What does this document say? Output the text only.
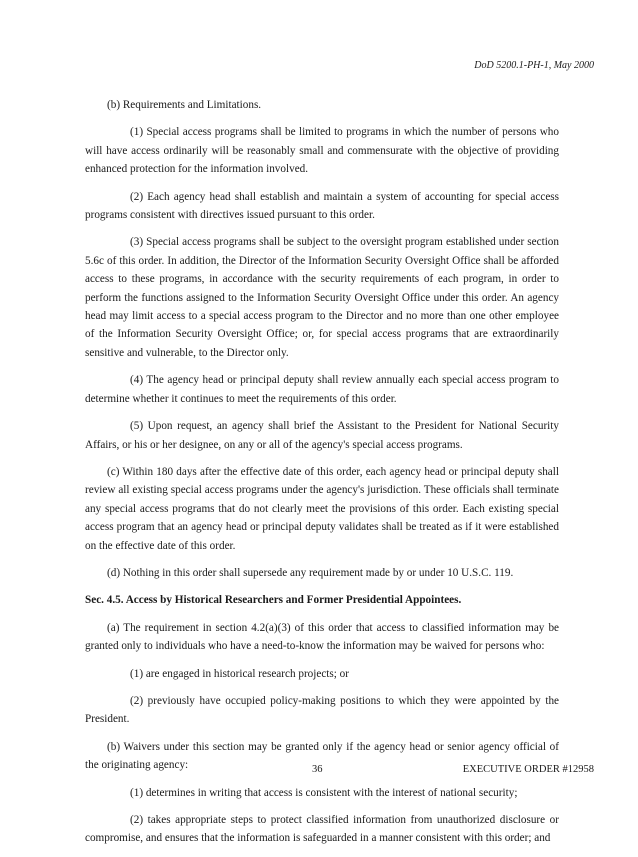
DoD 5200.1-PH-1, May 2000

(b) Requirements and Limitations.

(1) Special access programs shall be limited to programs in which the number of persons who will have access ordinarily will be reasonably small and commensurate with the objective of providing enhanced protection for the information involved.

(2) Each agency head shall establish and maintain a system of accounting for special access programs consistent with directives issued pursuant to this order.

(3) Special access programs shall be subject to the oversight program established under section 5.6c of this order. In addition, the Director of the Information Security Oversight Office shall be afforded access to these programs, in accordance with the security requirements of each program, in order to perform the functions assigned to the Information Security Oversight Office under this order. An agency head may limit access to a special access program to the Director and no more than one other employee of the Information Security Oversight Office; or, for special access programs that are extraordinarily sensitive and vulnerable, to the Director only.

(4) The agency head or principal deputy shall review annually each special access program to determine whether it continues to meet the requirements of this order.

(5) Upon request, an agency shall brief the Assistant to the President for National Security Affairs, or his or her designee, on any or all of the agency's special access programs.

(c) Within 180 days after the effective date of this order, each agency head or principal deputy shall review all existing special access programs under the agency's jurisdiction. These officials shall terminate any special access programs that do not clearly meet the provisions of this order. Each existing special access program that an agency head or principal deputy validates shall be treated as if it were established on the effective date of this order.

(d) Nothing in this order shall supersede any requirement made by or under 10 U.S.C. 119.

Sec. 4.5. Access by Historical Researchers and Former Presidential Appointees.

(a) The requirement in section 4.2(a)(3) of this order that access to classified information may be granted only to individuals who have a need-to-know the information may be waived for persons who:

(1) are engaged in historical research projects; or

(2) previously have occupied policy-making positions to which they were appointed by the President.

(b) Waivers under this section may be granted only if the agency head or senior agency official of the originating agency:

(1) determines in writing that access is consistent with the interest of national security;

(2) takes appropriate steps to protect classified information from unauthorized disclosure or compromise, and ensures that the information is safeguarded in a manner consistent with this order; and

36	EXECUTIVE ORDER #12958
